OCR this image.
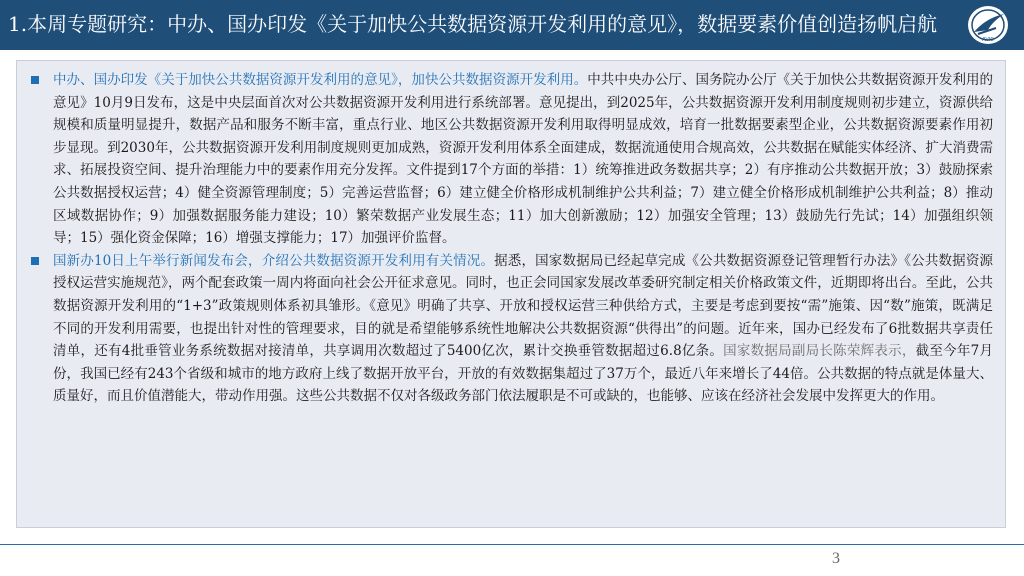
1.本周专题研究：中办、国办印发《关于加快公共数据资源开发利用的意见》，数据要素价值创造扬帆启航
AVIC

中办、国办印发《关于加快公共数据资源开发利用的意见》，加快公共数据资源开发利用。中共中央办公厅、国务院办公厅《关于加快公共数据资源开发利用的意见》10月9日发布，这是中央层面首次对公共数据资源开发利用进行系统部署。意见提出，到2025年，公共数据资源开发利用制度规则初步建立，资源供给规模和质量明显提升，数据产品和服务不断丰富，重点行业、地区公共数据资源开发利用取得明显成效，培育一批数据要素型企业，公共数据资源要素作用初步显现。到2030年，公共数据资源开发利用制度规则更加成熟，资源开发利用体系全面建成，数据流通使用合规高效，公共数据在赋能实体经济、扩大消费需求、拓展投资空间、提升治理能力中的要素作用充分发挥。文件提到17个方面的举措：1）统筹推进政务数据共享；2）有序推动公共数据开放；3）鼓励探索公共数据授权运营；4）健全资源管理制度；5）完善运营监督；6）建立健全价格形成机制维护公共利益；7）建立健全价格形成机制维护公共利益；8）推动区域数据协作；9）加强数据服务能力建设；10）繁荣数据产业发展生态；11）加大创新激励；12）加强安全管理；13）鼓励先行先试；14）加强组织领导；15）强化资金保障；16）增强支撑能力；17）加强评价监督。

国新办10日上午举行新闻发布会，介绍公共数据资源开发利用有关情况。据悉，国家数据局已经起草完成《公共数据资源登记管理暂行办法》《公共数据资源授权运营实施规范》，两个配套政策一周内将面向社会公开征求意见。同时，也正会同国家发展改革委研究制定相关价格政策文件，近期即将出台。至此，公共数据资源开发利用的“1+3”政策规则体系初具雏形。《意见》明确了共享、开放和授权运营三种供给方式，主要是考虑到要按“需”施策、因“数”施策，既满足不同的开发利用需要，也提出针对性的管理要求，目的就是希望能够系统性地解决公共数据资源“供得出”的问题。近年来，国办已经发布了6批数据共享责任清单，还有4批垂管业务系统数据对接清单，共享调用次数超过了5400亿次，累计交换垂管数据超过6.8亿条。国家数据局副局长陈荣辉表示，截至今年7月份，我国已经有243个省级和城市的地方政府上线了数据开放平台，开放的有效数据集超过了37万个，最近八年来增长了44倍。公共数据的特点就是体量大、质量好，而且价值潜能大，带动作用强。这些公共数据不仅对各级政务部门依法履职是不可或缺的，也能够、应该在经济社会发展中发挥更大的作用。

3
